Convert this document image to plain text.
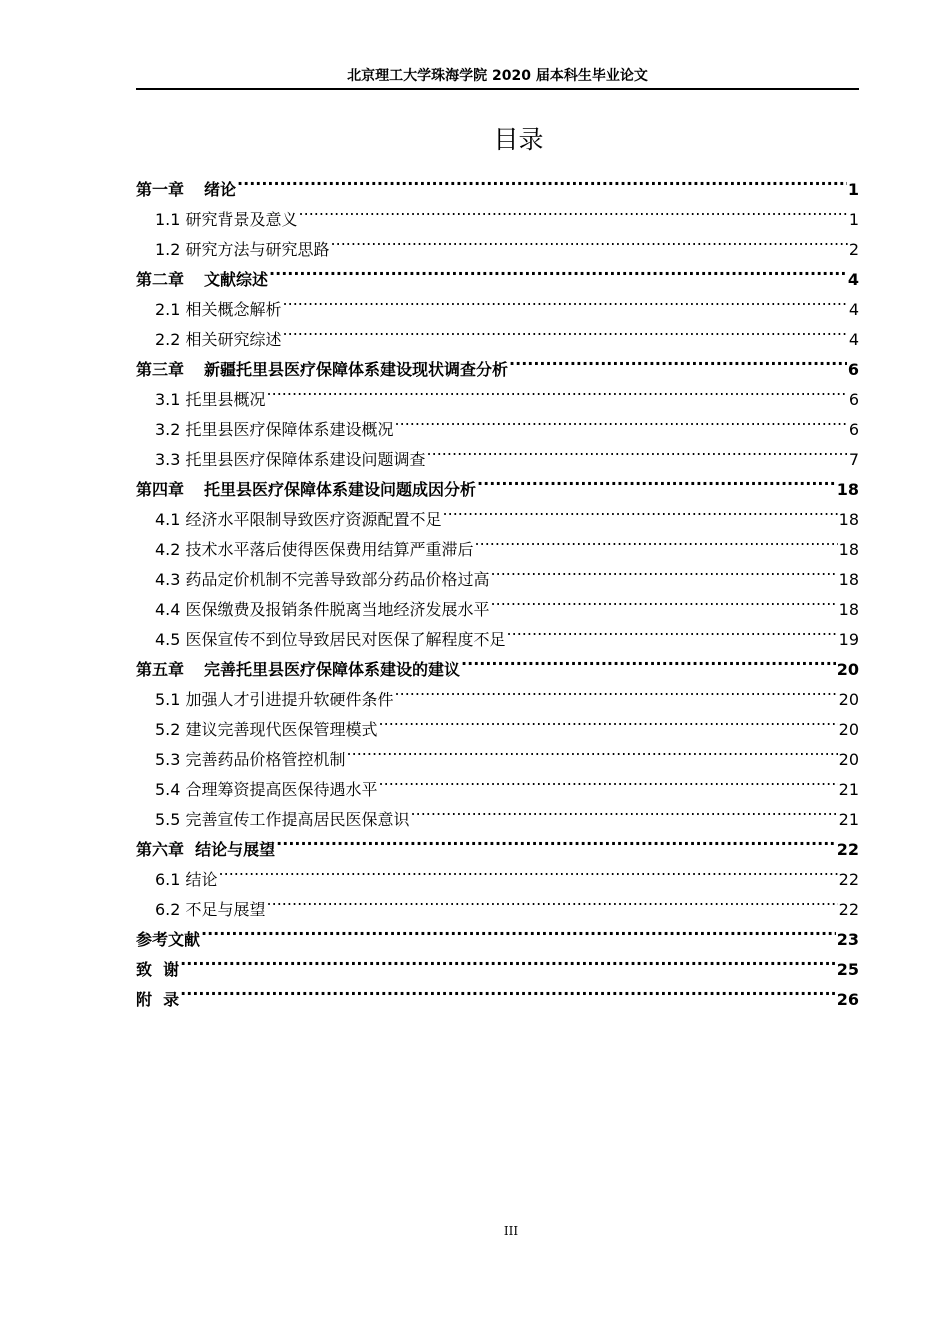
北京理工大学珠海学院 2020 届本科生毕业论文
目录
第一章 绪论 .....	1
1.1 研究背景及意义 .....	1
1.2 研究方法与研究思路 .....	2
第二章 文献综述 .....	4
2.1 相关概念解析 .....	4
2.2 相关研究综述 .....	4
第三章 新疆托里县医疗保障体系建设现状调查分析 .....	6
3.1 托里县概况 .....	6
3.2 托里县医疗保障体系建设概况 .....	6
3.3 托里县医疗保障体系建设问题调查 .....	7
第四章 托里县医疗保障体系建设问题成因分析 .....	18
4.1 经济水平限制导致医疗资源配置不足 .....	18
4.2 技术水平落后使得医保费用结算严重滞后 .....	18
4.3 药品定价机制不完善导致部分药品价格过高 .....	18
4.4 医保缴费及报销条件脱离当地经济发展水平 .....	18
4.5 医保宣传不到位导致居民对医保了解程度不足 .....	19
第五章 完善托里县医疗保障体系建设的建议 .....	20
5.1 加强人才引进提升软硬件条件 .....	20
5.2 建议完善现代医保管理模式 .....	20
5.3 完善药品价格管控机制 .....	20
5.4 合理筹资提高医保待遇水平 .....	21
5.5 完善宣传工作提高居民医保意识 .....	21
第六章  结论与展望 .....	22
6.1 结论 .....	22
6.2 不足与展望 .....	22
参考文献 .....	23
致  谢 .....	25
附  录 .....	26
III
